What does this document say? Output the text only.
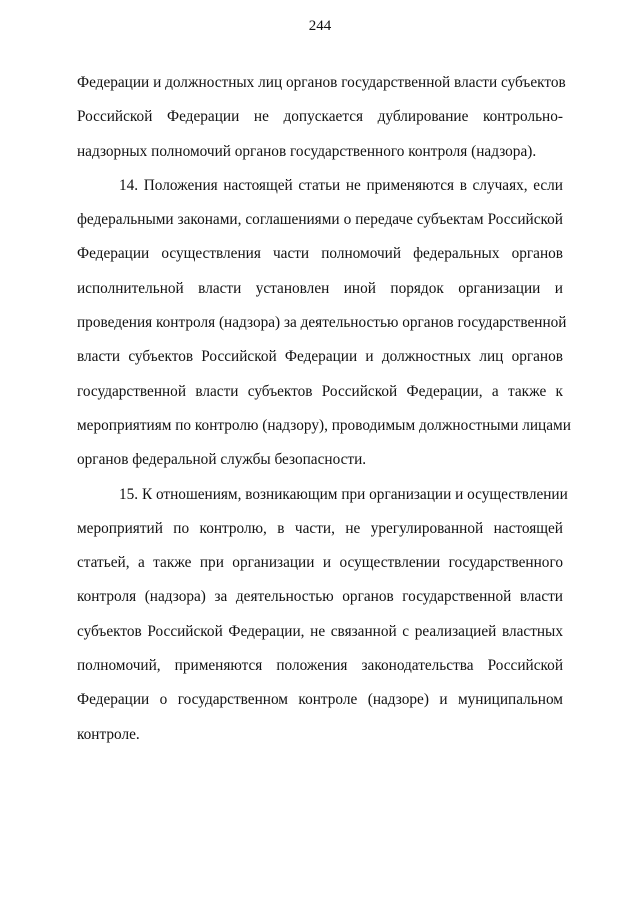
244

Федерации и должностных лиц органов государственной власти субъектов
Российской Федерации не допускается дублирование контрольно-
надзорных полномочий органов государственного контроля (надзора).

14. Положения настоящей статьи не применяются в случаях, если
федеральными законами, соглашениями о передаче субъектам Российской
Федерации осуществления части полномочий федеральных органов
исполнительной власти установлен иной порядок организации и
проведения контроля (надзора) за деятельностью органов государственной
власти субъектов Российской Федерации и должностных лиц органов
государственной власти субъектов Российской Федерации, а также к
мероприятиям по контролю (надзору), проводимым должностными лицами
органов федеральной службы безопасности.

15. К отношениям, возникающим при организации и осуществлении
мероприятий по контролю, в части, не урегулированной настоящей
статьей, а также при организации и осуществлении государственного
контроля (надзора) за деятельностью органов государственной власти
субъектов Российской Федерации, не связанной с реализацией властных
полномочий, применяются положения законодательства Российской
Федерации о государственном контроле (надзоре) и муниципальном
контроле.
